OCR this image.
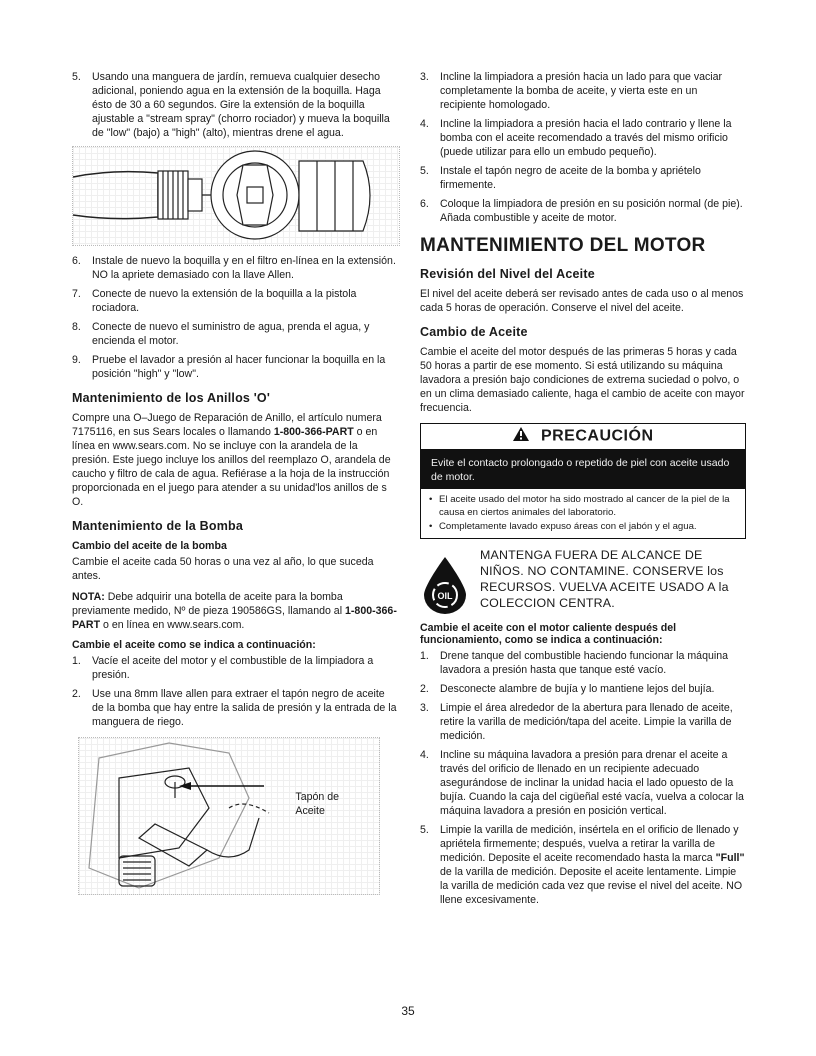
5. Usando una manguera de jardín, remueva cualquier desecho adicional, poniendo agua en la extensión de la boquilla. Haga ésto de 30 a 60 segundos. Gire la extensión de la boquilla ajustable a "stream spray" (chorro rociador) y mueva la boquilla de "low" (bajo) a "high" (alto), mientras drene el agua.
6. Instale de nuevo la boquilla y en el filtro en-línea en la extensión. NO la apriete demasiado con la llave Allen.
7. Conecte de nuevo la extensión de la boquilla a la pistola rociadora.
8. Conecte de nuevo el suministro de agua, prenda el agua, y encienda el motor.
9. Pruebe el lavador a presión al hacer funcionar la boquilla en la posición "high" y "low".
Mantenimiento de los Anillos 'O'

Compre una O–Juego de Reparación de Anillo, el artículo numera 7175116, en sus Sears locales o llamando 1-800-366-PART o en línea en www.sears.com. No se incluye con la arandela de la presión. Este juego incluye los anillos del reemplazo O, arandela de caucho y filtro de cala de agua. Refiérase a la hoja de la instrucción proporcionada en el juego para atender a su unidad'los anillos de s O.

Mantenimiento de la Bomba
Cambio del aceite de la bomba

Cambie el aceite cada 50 horas o una vez al año, lo que suceda antes.

NOTA: Debe adquirir una botella de aceite para la bomba previamente medido, Nº de pieza 190586GS, llamando al 1-800-366-PART o en línea en www.sears.com.

Cambie el aceite como se indica a continuación:
1. Vacíe el aceite del motor y el combustible de la limpiadora a presión.
2. Use una 8mm llave allen para extraer el tapón negro de aceite de la bomba que hay entre la salida de presión y la entrada de la manguera de riego.
Tapón de
Aceite
3. Incline la limpiadora a presión hacia un lado para que vaciar completamente la bomba de aceite, y vierta este en un recipiente homologado.
4. Incline la limpiadora a presión hacia el lado contrario y llene la bomba con el aceite recomendado a través del mismo orificio (puede utilizar para ello un embudo pequeño).
5. Instale el tapón negro de aceite de la bomba y apriételo firmemente.
6. Coloque la limpiadora de presión en su posición normal (de pie). Añada combustible y aceite de motor.
MANTENIMIENTO DEL MOTOR
Revisión del Nivel del Aceite

El nivel del aceite deberá ser revisado antes de cada uso o al menos cada 5 horas de operación. Conserve el nivel del aceite.

Cambio de Aceite

Cambie el aceite del motor después de las primeras 5 horas y cada 50 horas a partir de ese momento. Si está utilizando su máquina lavadora a presión bajo condiciones de extrema suciedad o polvo, o en un clima demasiado caliente, haga el cambio de aceite con mayor frecuencia.

PRECAUCIÓN
Evite el contacto prolongado o repetido de piel con aceite usado de motor.
• El aceite usado del motor ha sido mostrado al cancer de la piel de la causa en ciertos animales del laboratorio.
• Completamente lavado expuso áreas con el jabón y el agua.
OIL
MANTENGA FUERA DE ALCANCE DE NIÑOS. NO CONTAMINE. CONSERVE los RECURSOS. VUELVA ACEITE USADO A la COLECCION CENTRA.
Cambie el aceite con el motor caliente después del funcionamiento, como se indica a continuación:
1. Drene tanque del combustible haciendo funcionar la máquina lavadora a presión hasta que tanque esté vacío.
2. Desconecte alambre de bujía y lo mantiene lejos del bujía.
3. Limpie el área alrededor de la abertura para llenado de aceite, retire la varilla de medición/tapa del aceite. Limpie la varilla de medición.
4. Incline su máquina lavadora a presión para drenar el aceite a través del orificio de llenado en un recipiente adecuado asegurándose de inclinar la unidad hacia el lado opuesto de la bujía. Cuando la caja del cigüeñal esté vacía, vuelva a colocar la máquina lavadora a presión en posición vertical.
5. Limpie la varilla de medición, insértela en el orificio de llenado y apriétela firmemente; después, vuelva a retirar la varilla de medición. Deposite el aceite recomendado hasta la marca "Full" de la varilla de medición. Deposite el aceite lentamente. Limpie la varilla de medición cada vez que revise el nivel del aceite. NO llene excesivamente.
35
